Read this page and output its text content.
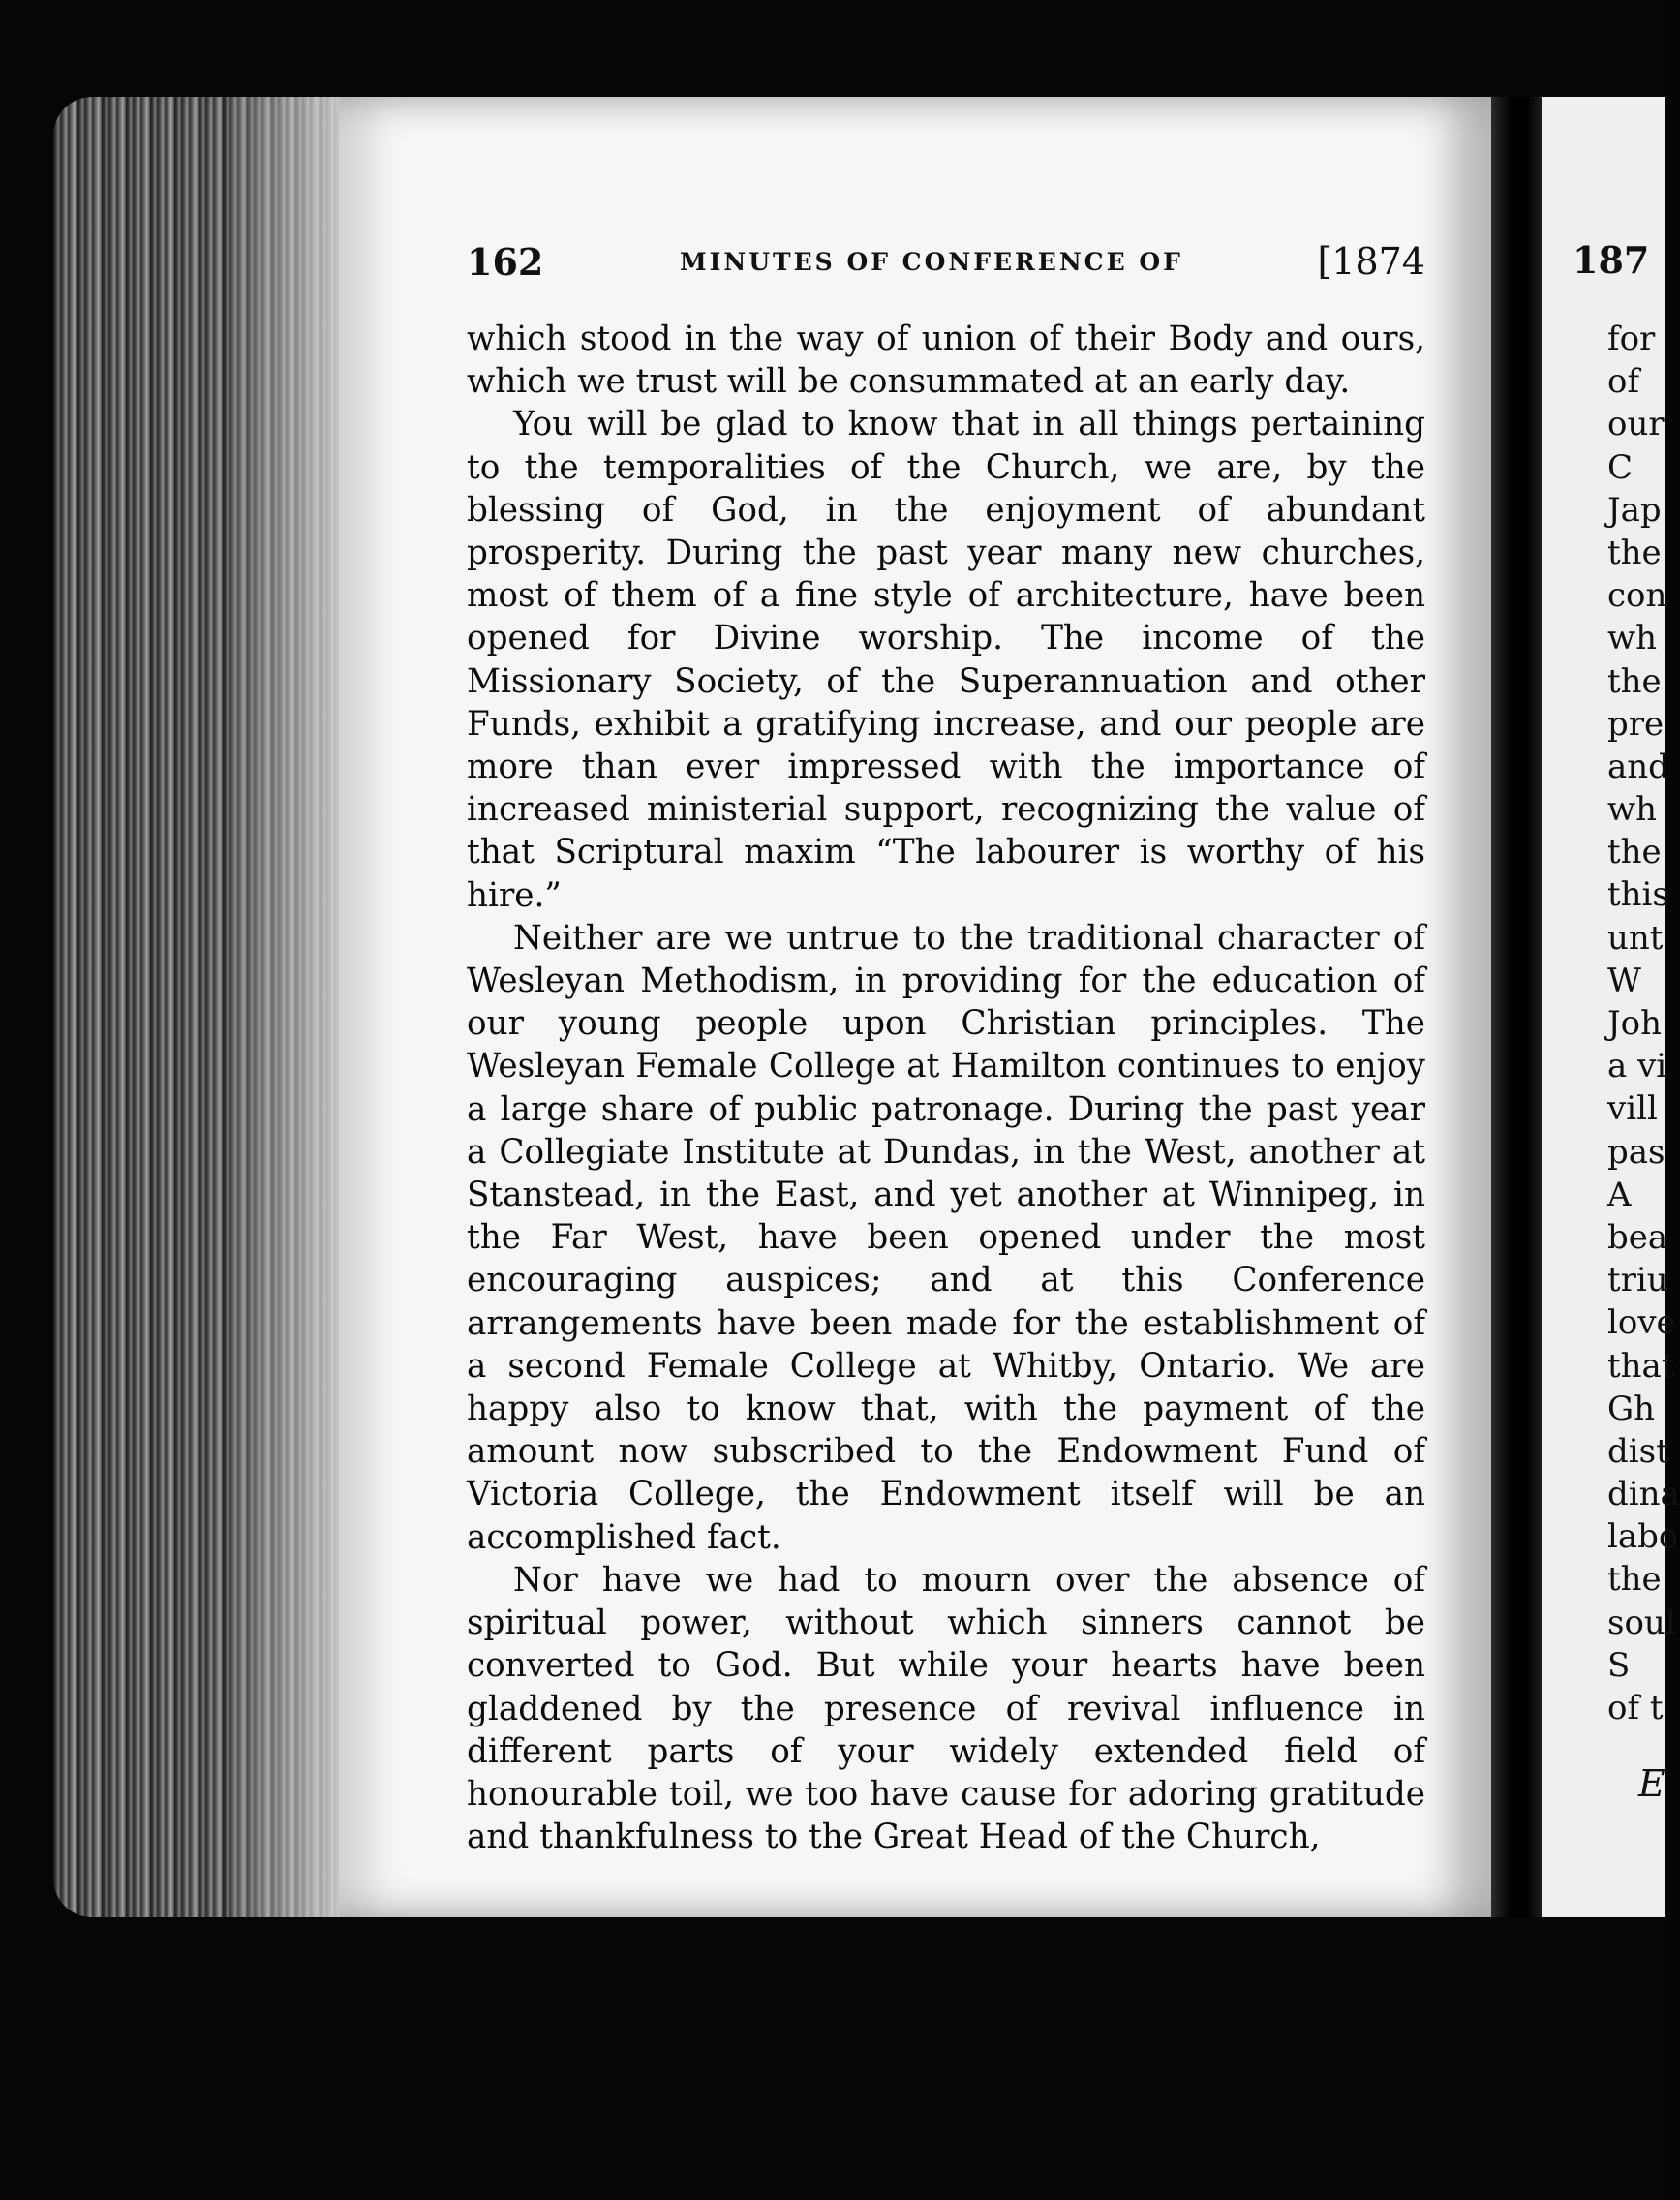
162	MINUTES OF CONFERENCE OF	[1874

which stood in the way of union of their Body and ours, which we trust will be consummated at an early day.

You will be glad to know that in all things pertaining to the temporalities of the Church, we are, by the blessing of God, in the enjoyment of abundant prosperity. During the past year many new churches, most of them of a fine style of architecture, have been opened for Divine worship. The income of the Missionary Society, of the Superannuation and other Funds, exhibit a gratifying increase, and our people are more than ever impressed with the importance of increased ministerial support, recognizing the value of that Scriptural maxim “The labourer is worthy of his hire.”

Neither are we untrue to the traditional character of Wesleyan Methodism, in providing for the education of our young people upon Christian principles. The Wesleyan Female College at Hamilton continues to enjoy a large share of public patronage. During the past year a Collegiate Institute at Dundas, in the West, another at Stanstead, in the East, and yet another at Winnipeg, in the Far West, have been opened under the most encouraging auspices; and at this Conference arrangements have been made for the establishment of a second Female College at Whitby, Ontario. We are happy also to know that, with the payment of the amount now subscribed to the Endowment Fund of Victoria College, the Endowment itself will be an accomplished fact.

Nor have we had to mourn over the absence of spiritual power, without which sinners cannot be converted to God. But while your hearts have been gladdened by the presence of revival influence in different parts of your widely extended field of honourable toil, we too have cause for adoring gratitude and thankfulness to the Great Head of the Church,

187
for
of
our
C
Jap
the
con
wh
the
pre
and
wh
the
this
unt
W
Joh
a vi
vill
pas
A
bea
triu
love
that
Gh
dist
dina
labo
the
soul
S
of t
E
